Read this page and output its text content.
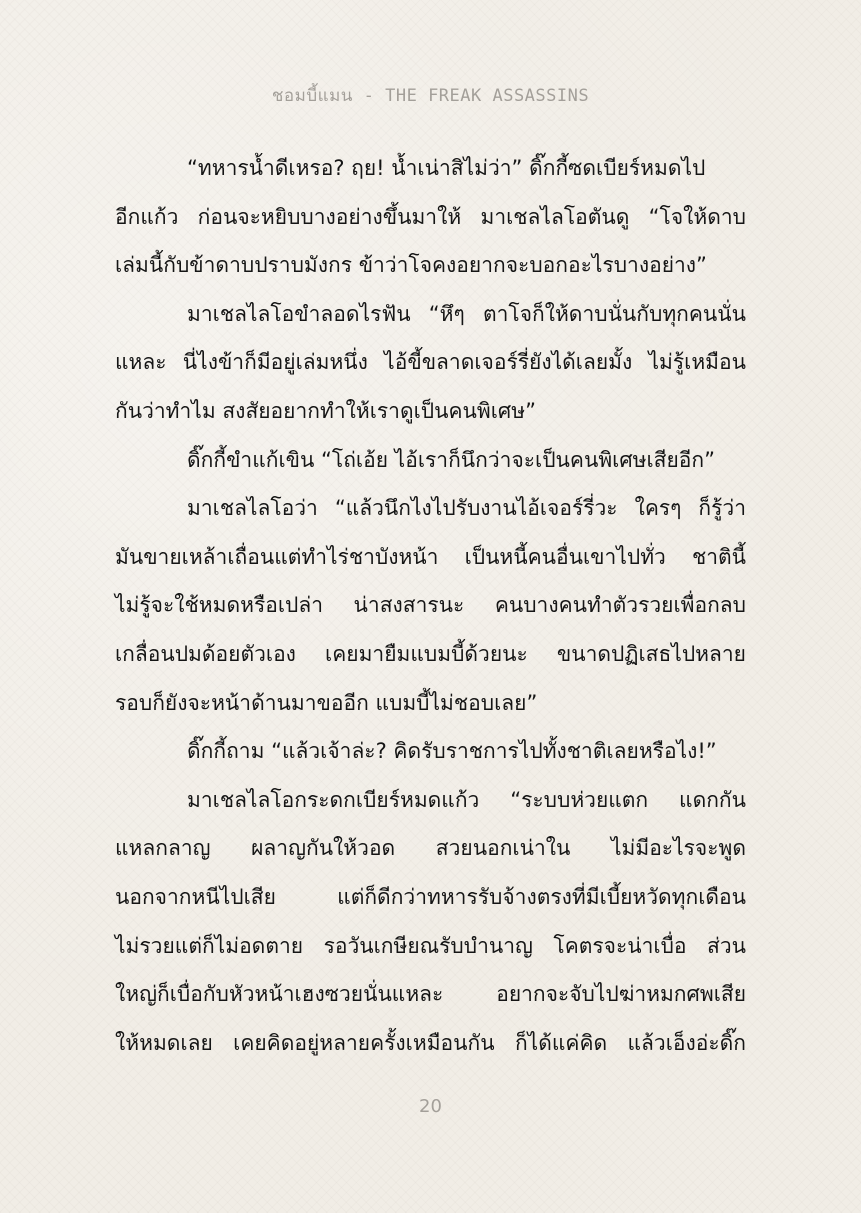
ชอมบี้แมน - THE FREAK ASSASSINS
“ทหารน้ำดีเหรอ? ฤย! น้ำเน่าสิไม่ว่า” ดิ๊กกี้ซดเบียร์หมดไป
อีกแก้ว ก่อนจะหยิบบางอย่างขึ้นมาให้ มาเชลไลโอตันดู “โจให้ดาบ
เล่มนี้กับข้าดาบปราบมังกร ข้าว่าโจคงอยากจะบอกอะไรบางอย่าง”
มาเชลไลโอขำลอดไรฟัน “หึๆ ตาโจก็ให้ดาบนั่นกับทุกคนนั่น
แหละ นี่ไงข้าก็มีอยู่เล่มหนึ่ง ไอ้ขี้ขลาดเจอร์รี่ยังได้เลยมั้ง ไม่รู้เหมือน
กันว่าทำไม สงสัยอยากทำให้เราดูเป็นคนพิเศษ”
ดิ๊กกี้ขำแก้เขิน “โถ่เอ้ย ไอ้เราก็นึกว่าจะเป็นคนพิเศษเสียอีก”
มาเชลไลโอว่า “แล้วนึกไงไปรับงานไอ้เจอร์รี่วะ ใครๆ ก็รู้ว่า
มันขายเหล้าเถื่อนแต่ทำไร่ชาบังหน้า เป็นหนี้คนอื่นเขาไปทั่ว ชาตินี้
ไม่รู้จะใช้หมดหรือเปล่า น่าสงสารนะ คนบางคนทำตัวรวยเพื่อกลบ
เกลื่อนปมด้อยตัวเอง เคยมายืมแบมบี้ด้วยนะ ขนาดปฏิเสธไปหลาย
รอบก็ยังจะหน้าด้านมาขออีก แบมบี้ไม่ชอบเลย”
ดิ๊กกี้ถาม “แล้วเจ้าล่ะ? คิดรับราชการไปทั้งชาติเลยหรือไง!”
มาเชลไลโอกระดกเบียร์หมดแก้ว “ระบบห่วยแตก แดกกัน
แหลกลาญ ผลาญกันให้วอด สวยนอกเน่าใน ไม่มีอะไรจะพูด
นอกจากหนีไปเสีย แต่ก็ดีกว่าทหารรับจ้างตรงที่มีเบี้ยหวัดทุกเดือน
ไม่รวยแต่ก็ไม่อดตาย รอวันเกษียณรับบำนาญ โคตรจะน่าเบื่อ ส่วน
ใหญ่ก็เบื่อกับหัวหน้าเฮงซวยนั่นแหละ อยากจะจับไปฆ่าหมกศพเสีย
ให้หมดเลย เคยคิดอยู่หลายครั้งเหมือนกัน ก็ได้แค่คิด แล้วเอ็งอ่ะดิ๊ก
20
